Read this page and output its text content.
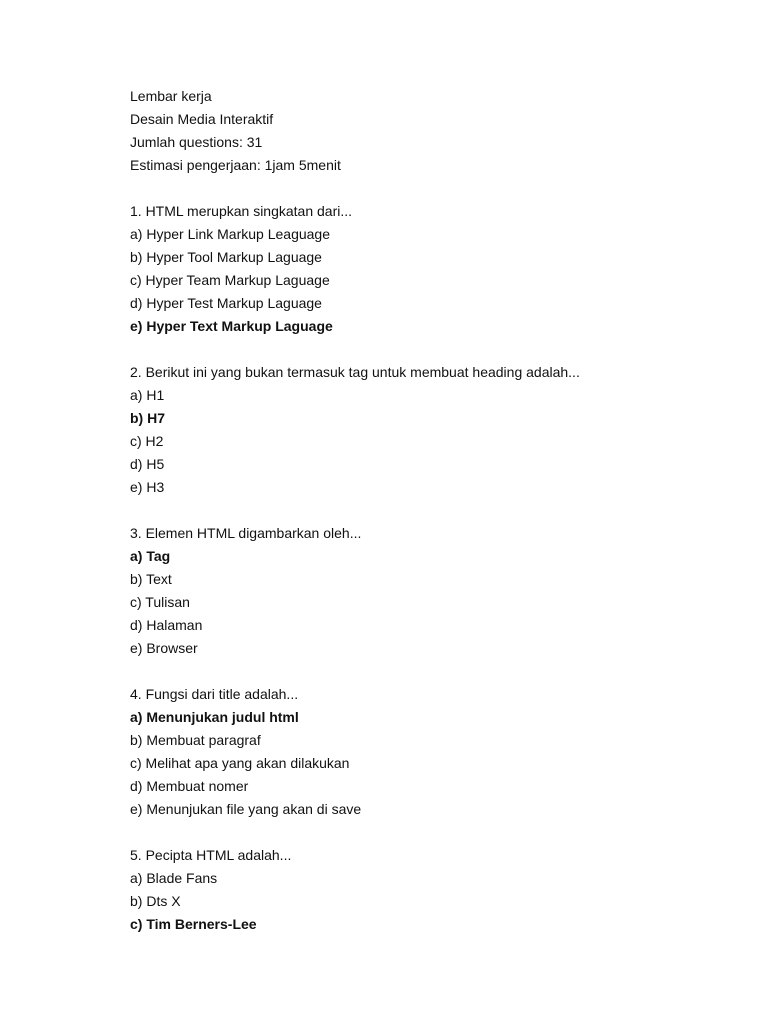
Lembar kerja
Desain Media Interaktif
Jumlah questions: 31
Estimasi pengerjaan: 1jam 5menit
1. HTML merupkan singkatan dari...
a) Hyper Link Markup Leaguage
b) Hyper Tool Markup Laguage
c) Hyper Team Markup Laguage
d) Hyper Test Markup Laguage
e) Hyper Text Markup Laguage
2. Berikut ini yang bukan termasuk tag untuk membuat heading adalah...
a) H1
b) H7
c) H2
d) H5
e) H3
3. Elemen HTML digambarkan oleh...
a) Tag
b) Text
c) Tulisan
d) Halaman
e) Browser
4. Fungsi dari title adalah...
a) Menunjukan judul html
b) Membuat paragraf
c) Melihat apa yang akan dilakukan
d) Membuat nomer
e) Menunjukan file yang akan di save
5. Pecipta HTML adalah...
a) Blade Fans
b) Dts X
c) Tim Berners-Lee
